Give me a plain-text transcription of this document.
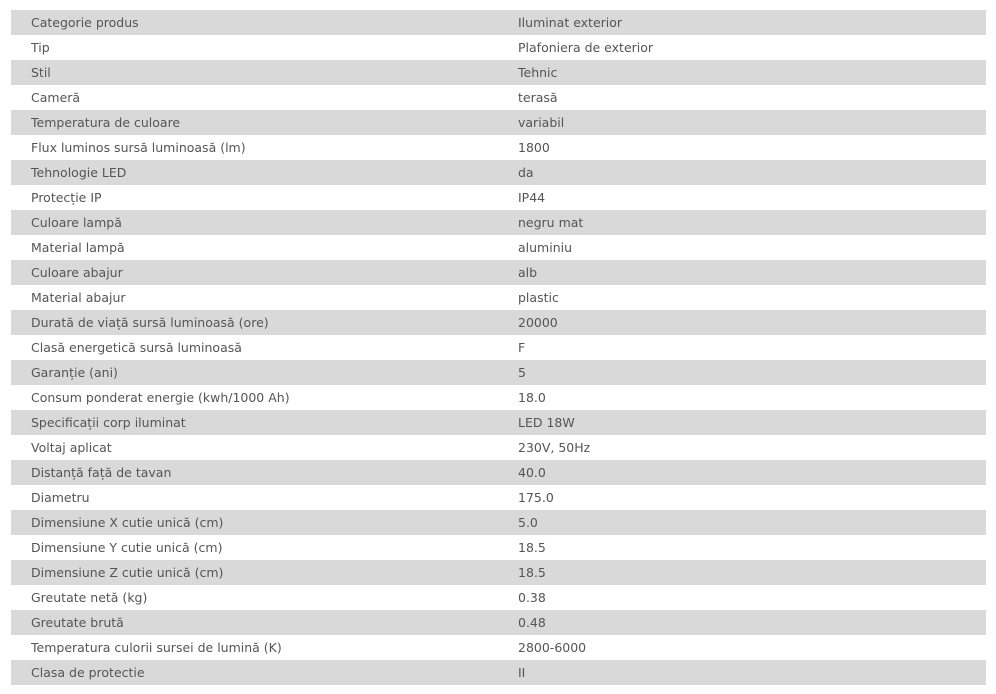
Categorie produs	Iluminat exterior
Tip	Plafoniera de exterior
Stil	Tehnic
Cameră	terasă
Temperatura de culoare	variabil
Flux luminos sursă luminoasă (lm)	1800
Tehnologie LED	da
Protecție IP	IP44
Culoare lampă	negru mat
Material lampă	aluminiu
Culoare abajur	alb
Material abajur	plastic
Durată de viață sursă luminoasă (ore)	20000
Clasă energetică sursă luminoasă	F
Garanție (ani)	5
Consum ponderat energie (kwh/1000 Ah)	18.0
Specificații corp iluminat	LED 18W
Voltaj aplicat	230V, 50Hz
Distanță față de tavan	40.0
Diametru	175.0
Dimensiune X cutie unică (cm)	5.0
Dimensiune Y cutie unică (cm)	18.5
Dimensiune Z cutie unică (cm)	18.5
Greutate netă (kg)	0.38
Greutate brută	0.48
Temperatura culorii sursei de lumină (K)	2800-6000
Clasa de protectie	II
